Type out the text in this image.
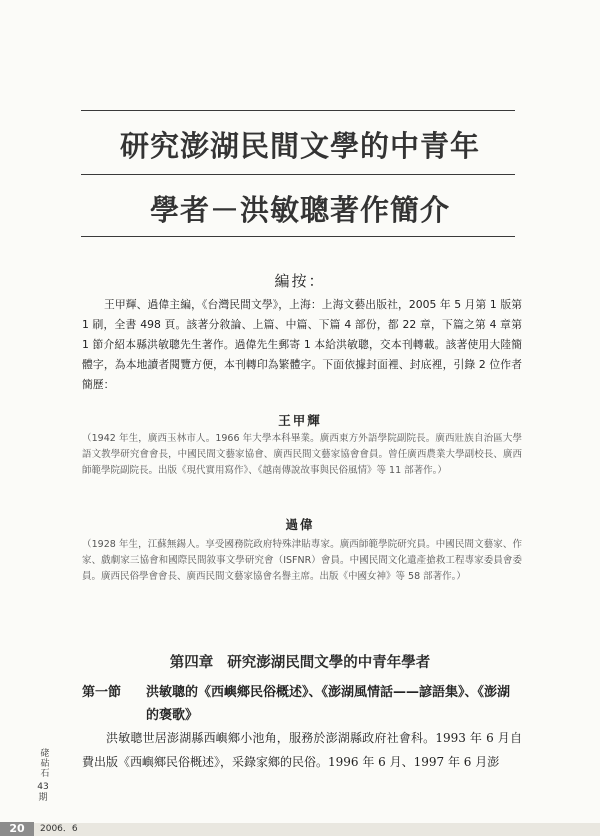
研究澎湖民間文學的中青年
學者－洪敏聰著作簡介
編按：
王甲輝、過偉主編，《台灣民間文學》，上海：上海文藝出版社，2005 年 5 月第 1 版第 1 刷，全書 498 頁。該著分敘論、上篇、中篇、下篇 4 部份，都 22 章，下篇之第 4 章第 1 節介紹本縣洪敏聰先生著作。過偉先生郵寄 1 本給洪敏聰，交本刊轉載。該著使用大陸簡體字，為本地讀者閱覽方便，本刊轉印為繁體字。下面依據封面裡、封底裡，引錄 2 位作者簡歷：
王甲輝
（1942 年生，廣西玉林市人。1966 年大學本科畢業。廣西東方外語學院副院長。廣西壯族自治區大學語文教學研究會會長，中國民間文藝家協會、廣西民間文藝家協會會員。曾任廣西農業大學副校長、廣西師範學院副院長。出版《現代實用寫作》、《越南傳說故事與民俗風情》等 11 部著作。）
過偉
（1928 年生，江蘇無錫人。享受國務院政府特殊津貼專家。廣西師範學院研究員。中國民間文藝家、作家、戲劇家三協會和國際民間敘事文學研究會（ISFNR）會員。中國民間文化遺產搶救工程專家委員會委員。廣西民俗學會會長、廣西民間文藝家協會名譽主席。出版《中國女神》等 58 部著作。）
第四章 研究澎湖民間文學的中青年學者
第一節 洪敏聰的《西嶼鄉民俗概述》、《澎湖風情話——諺語集》、《澎湖
的褒歌》
洪敏聰世居澎湖縣西嶼鄉小池角，服務於澎湖縣政府社會科。1993 年 6 月自費出版《西嶼鄉民俗概述》，采錄家鄉的民俗。1996 年 6 月、1997 年 6 月澎
硓𥑮石
43
期
20	2006．6
